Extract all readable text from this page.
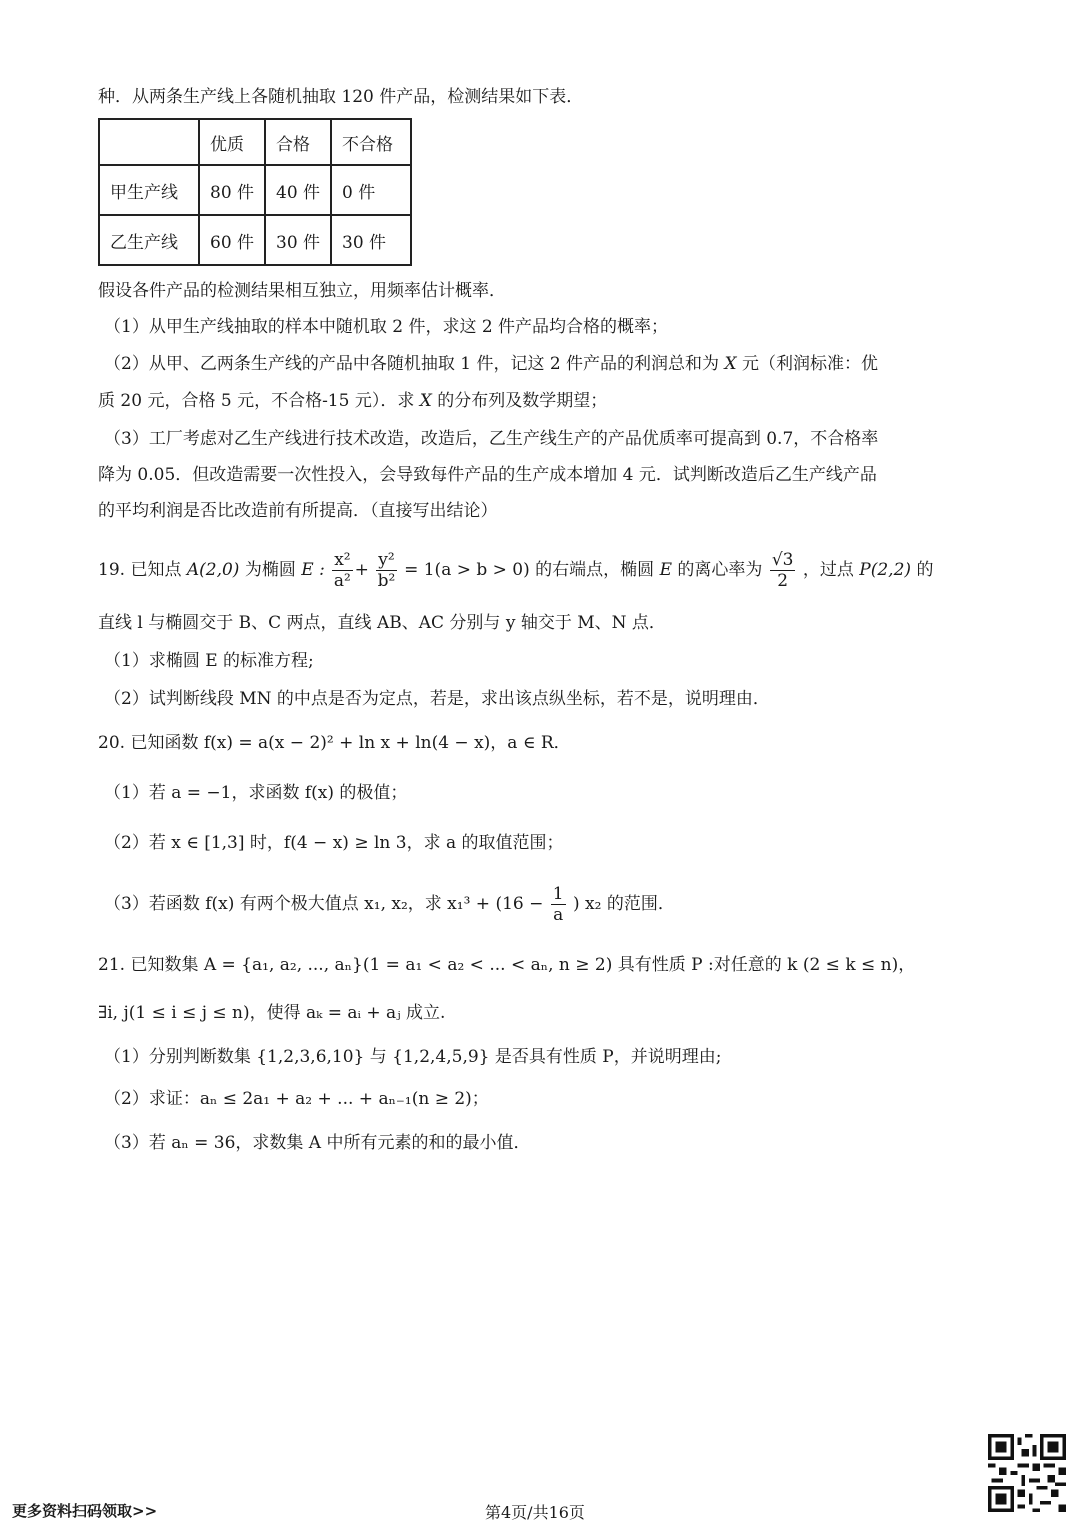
种．从两条生产线上各随机抽取 120 件产品，检测结果如下表．
	优质	合格	不合格
甲生产线	80 件	40 件	0 件
乙生产线	60 件	30 件	30 件
假设各件产品的检测结果相互独立，用频率估计概率．
（1）从甲生产线抽取的样本中随机取 2 件，求这 2 件产品均合格的概率；
（2）从甲、乙两条生产线的产品中各随机抽取 1 件，记这 2 件产品的利润总和为 X 元（利润标准：优
质 20 元，合格 5 元，不合格-15 元）．求 X 的分布列及数学期望；
（3）工厂考虑对乙生产线进行技术改造，改造后，乙生产线生产的产品优质率可提高到 0.7，不合格率
降为 0.05．但改造需要一次性投入，会导致每件产品的生产成本增加 4 元．试判断改造后乙生产线产品
的平均利润是否比改造前有所提高．（直接写出结论）
19. 已知点 A(2,0) 为椭圆 E : $\frac{\text{x²}}{\text{a²}} + \frac{\text{y²}}{\text{b²}} = 1(a > b > 0)$ 的右端点，椭圆 E 的离心率为 $\frac{√3}{2}$ ，过点 P(2,2) 的
直线 l 与椭圆交于 B、C 两点，直线 AB、AC 分别与 y 轴交于 M、N 点．
（1）求椭圆 E 的标准方程;
（2）试判断线段 MN 的中点是否为定点，若是，求出该点纵坐标，若不是，说明理由．
20. 已知函数 f(x) = a(x − 2)² + ln x + ln(4 − x)，a ∈ R．
（1）若 a = −1，求函数 f(x) 的极值；
（2）若 x ∈ [1,3] 时，f(4 − x) ≥ ln 3，求 a 的取值范围；
（3）若函数 f(x) 有两个极大值点 x₁, x₂，求 $x_1^3 + (16 - \frac{1}{a}$ ) x₂ 的范围．
21. 已知数集 A = {a₁, a₂, ..., aₙ}(1 = a₁ < a₂ < ... < aₙ, n ≥ 2) 具有性质 P :对任意的 k (2 ≤ k ≤ n)，
∃i, j(1 ≤ i ≤ j ≤ n)，使得 aₖ = aᵢ + aⱼ 成立.
（1）分别判断数集 {1,2,3,6,10} 与 {1,2,4,5,9} 是否具有性质 P，并说明理由;
（2）求证：aₙ ≤ 2a₁ + a₂ + ... + aₙ₋₁(n ≥ 2)；
（3）若 aₙ = 36，求数集 A 中所有元素的和的最小值．
更多资料扫码领取>>	第4页/共16页
